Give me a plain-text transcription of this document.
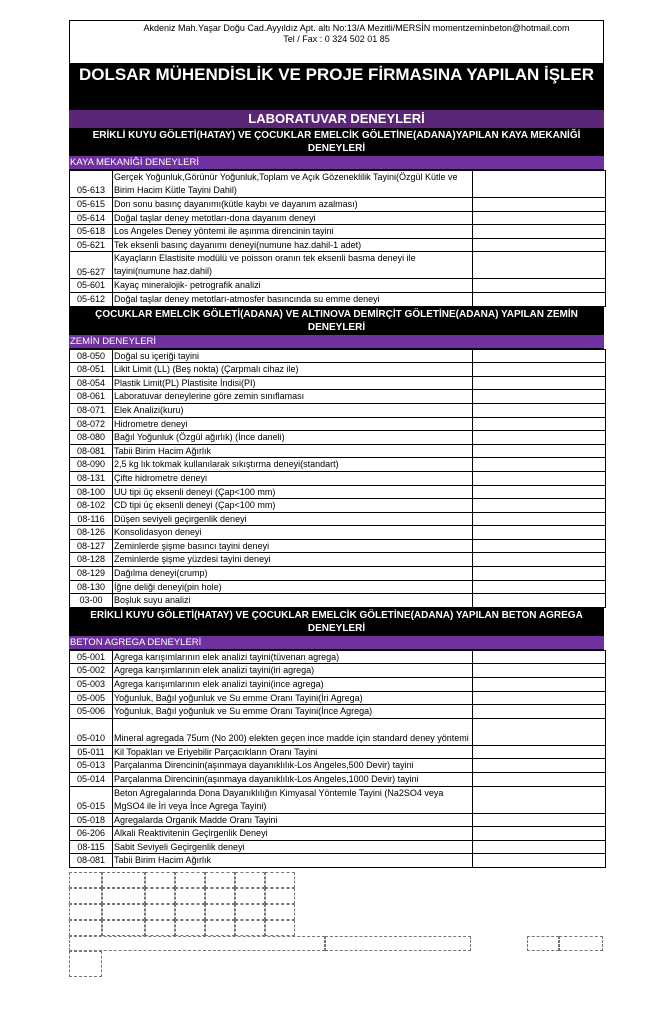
Akdeniz Mah.Yaşar Doğu Cad.Ayyıldız Apt. altı No:13/A Mezitli/MERSİN momentzeminbeton@hotmail.com
Tel / Fax : 0 324 502 01 85
DOLSAR MÜHENDİSLİK VE PROJE FİRMASINA YAPILAN İŞLER
LABORATUVAR DENEYLERİ
ERİKLİ KUYU GÖLETİ(HATAY) VE ÇOCUKLAR EMELCİK GÖLETİNE(ADANA)YAPILAN KAYA MEKANİĞİ DENEYLERİ
KAYA MEKANİĞİ DENEYLERİ
05-613	Gerçek Yoğunluk,Görünür Yoğunluk,Toplam ve Açık Gözeneklilik Tayini(Özgül Kütle ve Birim Hacim Kütle Tayini Dahil)	
05-615	Don sonu basınç dayanımı(kütle kaybı ve dayanım azalması)	
05-614	Doğal taşlar deney metotları-dona dayanım deneyi	
05-618	Los Angeles Deney yöntemi ile aşınma direncinin tayini	
05-621	Tek eksenli basınç dayanımı deneyi(numune haz.dahil-1 adet)	
05-627	Kayaçların Elastisite modülü ve poisson oranın tek eksenli basma deneyi ile tayini(numune haz.dahil)	
05-601	Kayaç mineralojik- petrografik analizi	
05-612	Doğal taşlar deney metotları-atmosfer basıncında su emme deneyi	
ÇOCUKLAR EMELCİK GÖLETİ(ADANA) VE ALTINOVA DEMİRÇİT GÖLETİNE(ADANA) YAPILAN ZEMİN DENEYLERİ
ZEMİN DENEYLERİ
08-050	Doğal su içeriği tayini	
08-051	Likit Limit (LL) (Beş nokta) (Çarpmalı cihaz ile)	
08-054	Plastik Limit(PL) Plastisite İndisi(PI)	
08-061	Laboratuvar deneylerine göre zemin sınıflaması	
08-071	Elek Analizi(kuru)	
08-072	Hidrometre deneyi	
08-080	Bağıl Yoğunluk (Özgül ağırlık) (İnce daneli)	
08-081	Tabii Birim Hacim Ağırlık	
08-090	2,5 kg lık tokmak kullanılarak sıkıştırma deneyi(standart)	
08-131	Çifte hidrometre deneyi	
08-100	UU tipi üç eksenli deneyi (Çap<100 mm)	
08-102	CD tipi üç eksenli deneyi (Çap<100 mm)	
08-116	Düşen seviyeli geçirgenlik deneyi	
08-126	Konsolidasyon deneyi	
08-127	Zeminlerde şişme basıncı tayini deneyi	
08-128	Zeminlerde şişme yüzdesi tayini deneyi	
08-129	Dağılma deneyi(crump)	
08-130	İğne deliği deneyi(pin hole)	
03-00	Boşluk suyu analizi	
ERİKLİ KUYU GÖLETİ(HATAY) VE ÇOCUKLAR EMELCİK GÖLETİNE(ADANA) YAPILAN BETON AGREGA DENEYLERİ
BETON AGREGA DENEYLERİ
05-001	Agrega karışımlarının elek analizi tayini(tüvenan agrega)	
05-002	Agrega karışımlarının elek analizi tayini(iri agrega)	
05-003	Agrega karışımlarının elek analizi tayini(ince agrega)	
05-005	Yoğunluk, Bağıl yoğunluk ve Su emme Oranı Tayini(İri Agrega)	
05-006	Yoğunluk, Bağıl yoğunluk ve Su emme Oranı Tayini(İnce Agrega)	
05-010	Mineral agregada 75um (No 200) elekten geçen ince madde için standard deney yöntemi	
05-011	Kil Topakları ve Eriyebilir Parçacıkların Oranı Tayini	
05-013	Parçalanma Direncinin(aşınmaya dayanıklılık-Los Angeles,500 Devir) tayini	
05-014	Parçalanma Direncinin(aşınmaya dayanıklılık-Los Angeles,1000 Devir) tayini	
05-015	Beton Agregalarında Dona Dayanıklılığın Kimyasal Yöntemle Tayini (Na2SO4 veya MgSO4 ile İri veya İnce Agrega Tayini)	
05-018	Agregalarda Organik Madde Oranı Tayini	
06-206	Alkali Reaktivitenin Geçirgenlik Deneyi	
08-115	Sabit Seviyeli Geçirgenlik deneyi	
08-081	Tabii Birim Hacim Ağırlık	
